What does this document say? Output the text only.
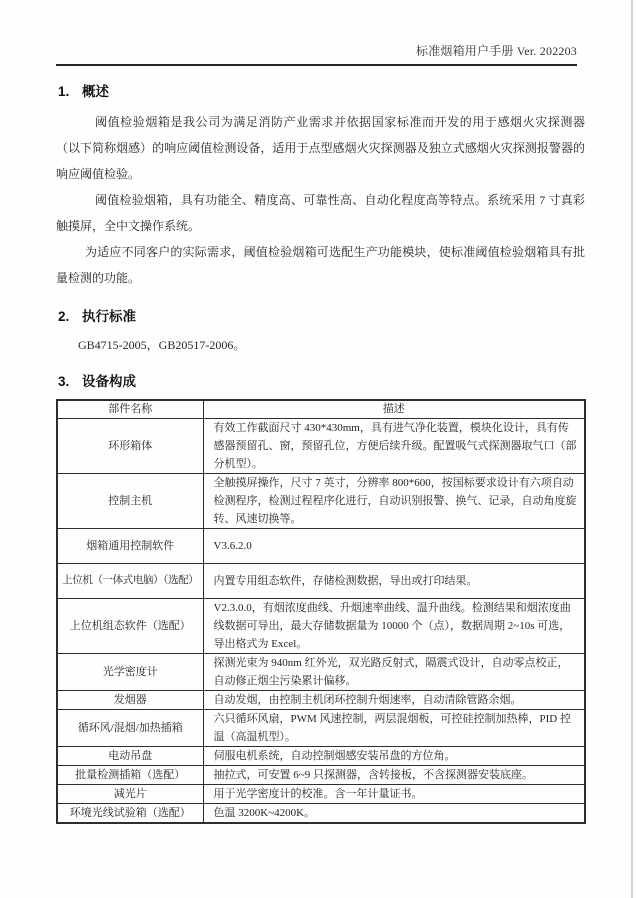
标准烟箱用户手册 Ver. 202203
1. 概述

阈值检验烟箱是我公司为满足消防产业需求并依据国家标准而开发的用于感烟火灾探测器（以下简称烟感）的响应阈值检测设备，适用于点型感烟火灾探测器及独立式感烟火灾探测报警器的响应阈值检验。

阈值检验烟箱，具有功能全、精度高、可靠性高、自动化程度高等特点。系统采用 7 寸真彩触摸屏，全中文操作系统。

为适应不同客户的实际需求，阈值检验烟箱可选配生产功能模块，使标准阈值检验烟箱具有批量检测的功能。

2. 执行标准

GB4715-2005，GB20517-2006。

3. 设备构成
部件名称	描述
环形箱体	有效工作截面尺寸 430*430mm，具有进气净化装置，模块化设计，具有传感器预留孔、窗，预留孔位，方便后续升级。配置吸气式探测器取气口（部分机型）。
控制主机	全触摸屏操作，尺寸 7 英寸，分辨率 800*600，按国标要求设计有六项自动检测程序，检测过程程序化进行，自动识别报警、换气、记录，自动角度旋转、风速切换等。
烟箱通用控制软件	V3.6.2.0
上位机（一体式电脑）（选配）	内置专用组态软件，存储检测数据，导出或打印结果。
上位机组态软件（选配）	V2.3.0.0，有烟浓度曲线、升烟速率曲线、温升曲线。检测结果和烟浓度曲线数据可导出，最大存储数据量为 10000 个（点），数据周期 2~10s 可选，导出格式为 Excel。
光学密度计	探测光束为 940nm 红外光，双光路反射式，隔震式设计，自动零点校正，自动修正烟尘污染累计偏移。
发烟器	自动发烟，由控制主机闭环控制升烟速率，自动清除管路余烟。
循环风/混烟/加热插箱	六只循环风扇，PWM 风速控制，两层混烟板，可控硅控制加热棒，PID 控温（高温机型）。
电动吊盘	伺服电机系统，自动控制烟感安装吊盘的方位角。
批量检测插箱（选配）	抽拉式，可安置 6~9 只探测器，含转接板，不含探测器安装底座。
减光片	用于光学密度计的校准。含一年计量证书。
环境光线试验箱（选配）	色温 3200K~4200K。
